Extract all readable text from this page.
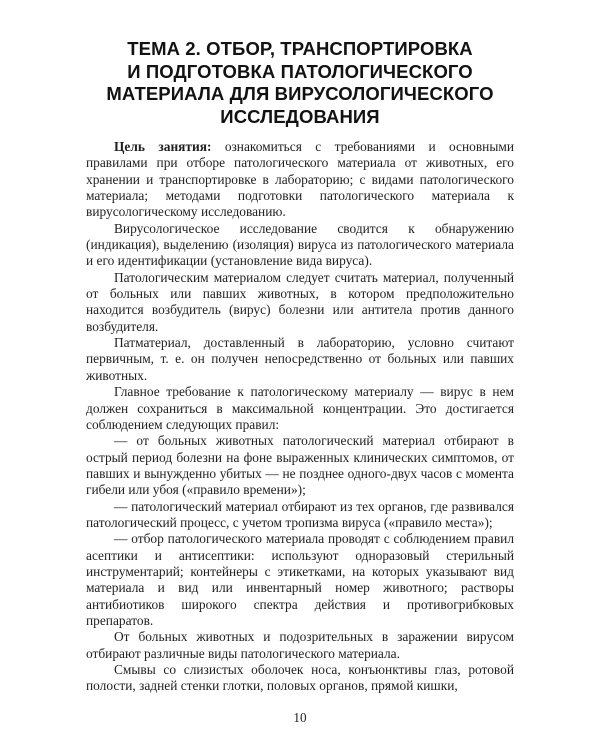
ТЕМА 2. ОТБОР, ТРАНСПОРТИРОВКА
И ПОДГОТОВКА ПАТОЛОГИЧЕСКОГО
МАТЕРИАЛА ДЛЯ ВИРУСОЛОГИЧЕСКОГО
ИССЛЕДОВАНИЯ

Цель занятия: ознакомиться с требованиями и основными правилами при отборе патологического материала от животных, его хранении и транспортировке в лабораторию; с видами патологического материала; методами подготовки патологического материала к вирусологическому исследованию.

Вирусологическое исследование сводится к обнаружению (индикация), выделению (изоляция) вируса из патологического материала и его идентификации (установление вида вируса).

Патологическим материалом следует считать материал, полученный от больных или павших животных, в котором предположительно находится возбудитель (вирус) болезни или антитела против данного возбудителя.

Патматериал, доставленный в лабораторию, условно считают первичным, т. е. он получен непосредственно от больных или павших животных.

Главное требование к патологическому материалу — вирус в нем должен сохраниться в максимальной концентрации. Это достигается соблюдением следующих правил:

— от больных животных патологический материал отбирают в острый период болезни на фоне выраженных клинических симптомов, от павших и вынужденно убитых — не позднее одного-двух часов с момента гибели или убоя («правило времени»);

— патологический материал отбирают из тех органов, где развивался патологический процесс, с учетом тропизма вируса («правило места»);

— отбор патологического материала проводят с соблюдением правил асептики и антисептики: используют одноразовый стерильный инструментарий; контейнеры с этикетками, на которых указывают вид материала и вид или инвентарный номер животного; растворы антибиотиков широкого спектра действия и противогрибковых препаратов.

От больных животных и подозрительных в заражении вирусом отбирают различные виды патологического материала.

Смывы со слизистых оболочек носа, конъюнктивы глаз, ротовой полости, задней стенки глотки, половых органов, прямой кишки,

10
